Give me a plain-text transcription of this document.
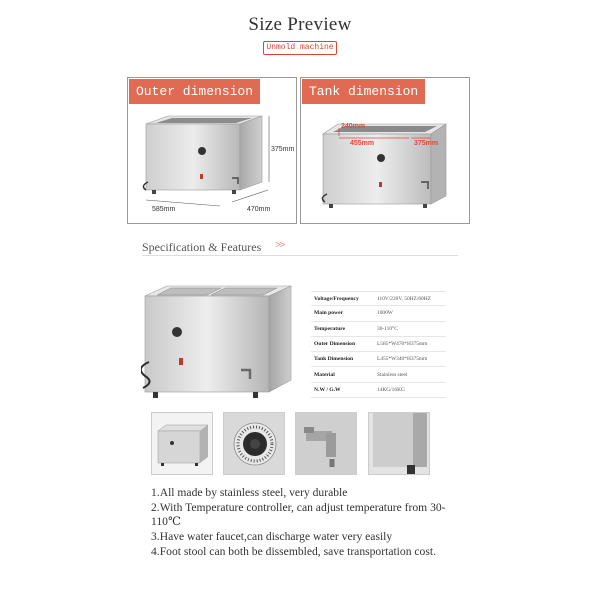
Size Preview
Unmold machine
Outer dimension
375mm
585mm	470mm
Tank dimension
240mm
455mm	375mm
Specification & Features >>
Voltage/Frequency	110V/220V, 50HZ/60HZ
Main power	1000W
Temperature	30-110°C
Outer Dimension	L585*W470*H375mm
Tank Dimension	L455*W340*H375mm
Material	Stainless steel
N.W / G.W	14KG/16KG
1.All made by stainless steel, very durable
2.With Temperature controller, can adjust temperature from 30-110℃
3.Have water faucet,can discharge water very easily
4.Foot stool can both be dissembled, save transportation cost.
